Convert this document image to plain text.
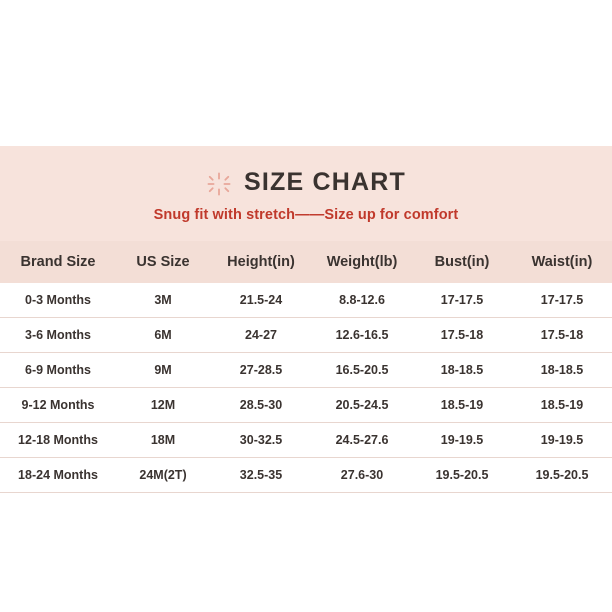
SIZE CHART
Snug fit with stretch——Size up for comfort
Brand Size	US Size	Height(in)	Weight(lb)	Bust(in)	Waist(in)
0-3 Months	3M	21.5-24	8.8-12.6	17-17.5	17-17.5
3-6 Months	6M	24-27	12.6-16.5	17.5-18	17.5-18
6-9 Months	9M	27-28.5	16.5-20.5	18-18.5	18-18.5
9-12 Months	12M	28.5-30	20.5-24.5	18.5-19	18.5-19
12-18 Months	18M	30-32.5	24.5-27.6	19-19.5	19-19.5
18-24 Months	24M(2T)	32.5-35	27.6-30	19.5-20.5	19.5-20.5
